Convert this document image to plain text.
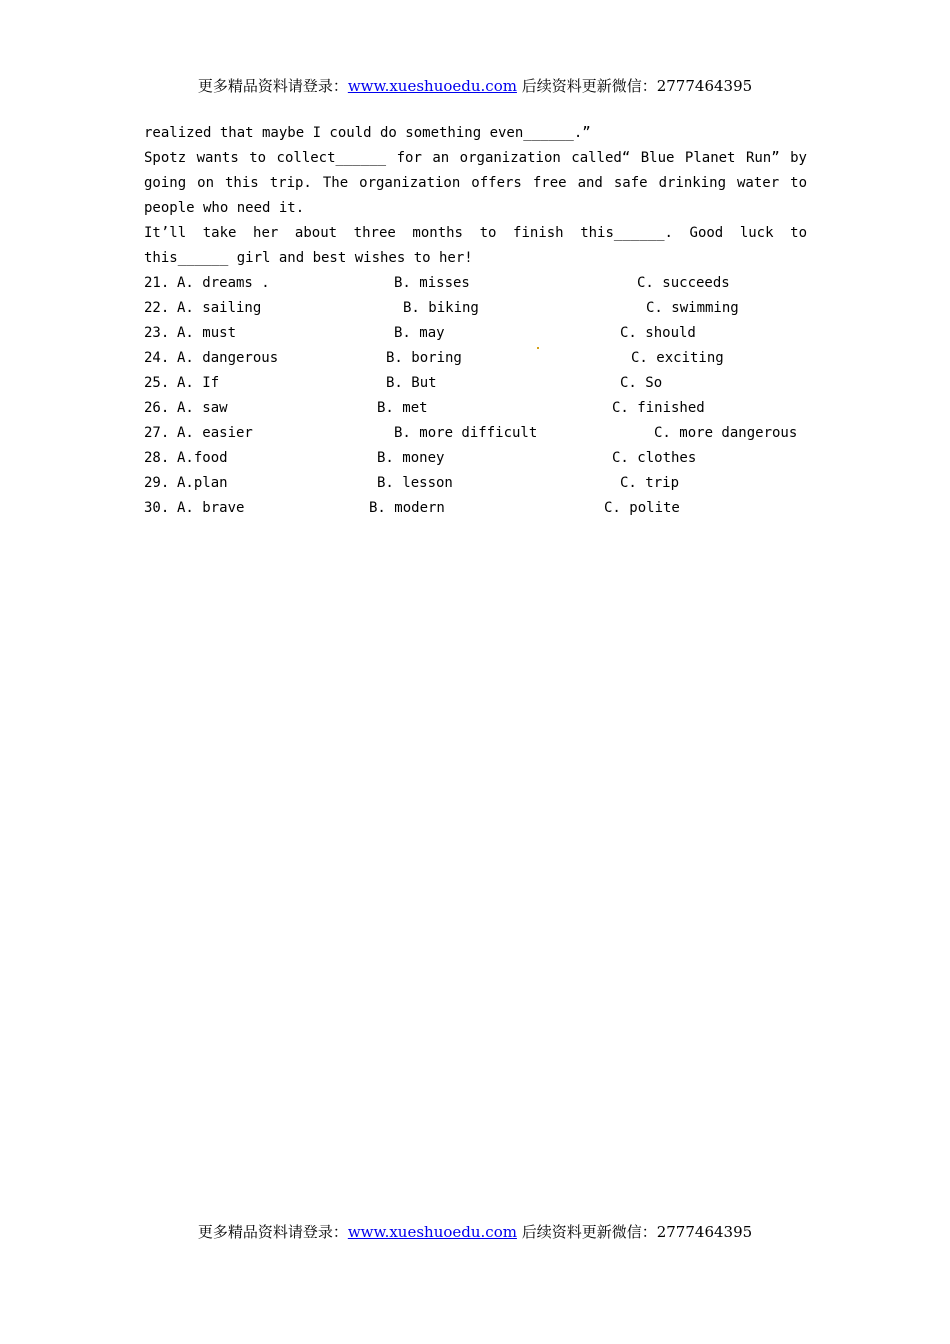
更多精品资料请登录：www.xueshuoedu.com 后续资料更新微信：2777464395

realized that maybe I could do something even______.”

Spotz wants to collect______ for an organization called“ Blue Planet Run” by going on this trip. The organization offers free and safe drinking water to people who need it.

It’ll take her about three months to finish this______. Good luck to this______ girl and best wishes to her!

21. A. dreams .	B. misses	C. succeeds
22. A. sailing	B. biking	C. swimming
23. A. must	B. may	C. should
24. A. dangerous	B. boring	C. exciting
25. A. If	B. But	C. So
26. A. saw	B. met	C. finished
27. A. easier	B. more difficult	C. more dangerous
28. A.food	B. money	C. clothes
29. A.plan	B. lesson	C. trip
30. A. brave	B. modern	C. polite
更多精品资料请登录：www.xueshuoedu.com 后续资料更新微信：2777464395
